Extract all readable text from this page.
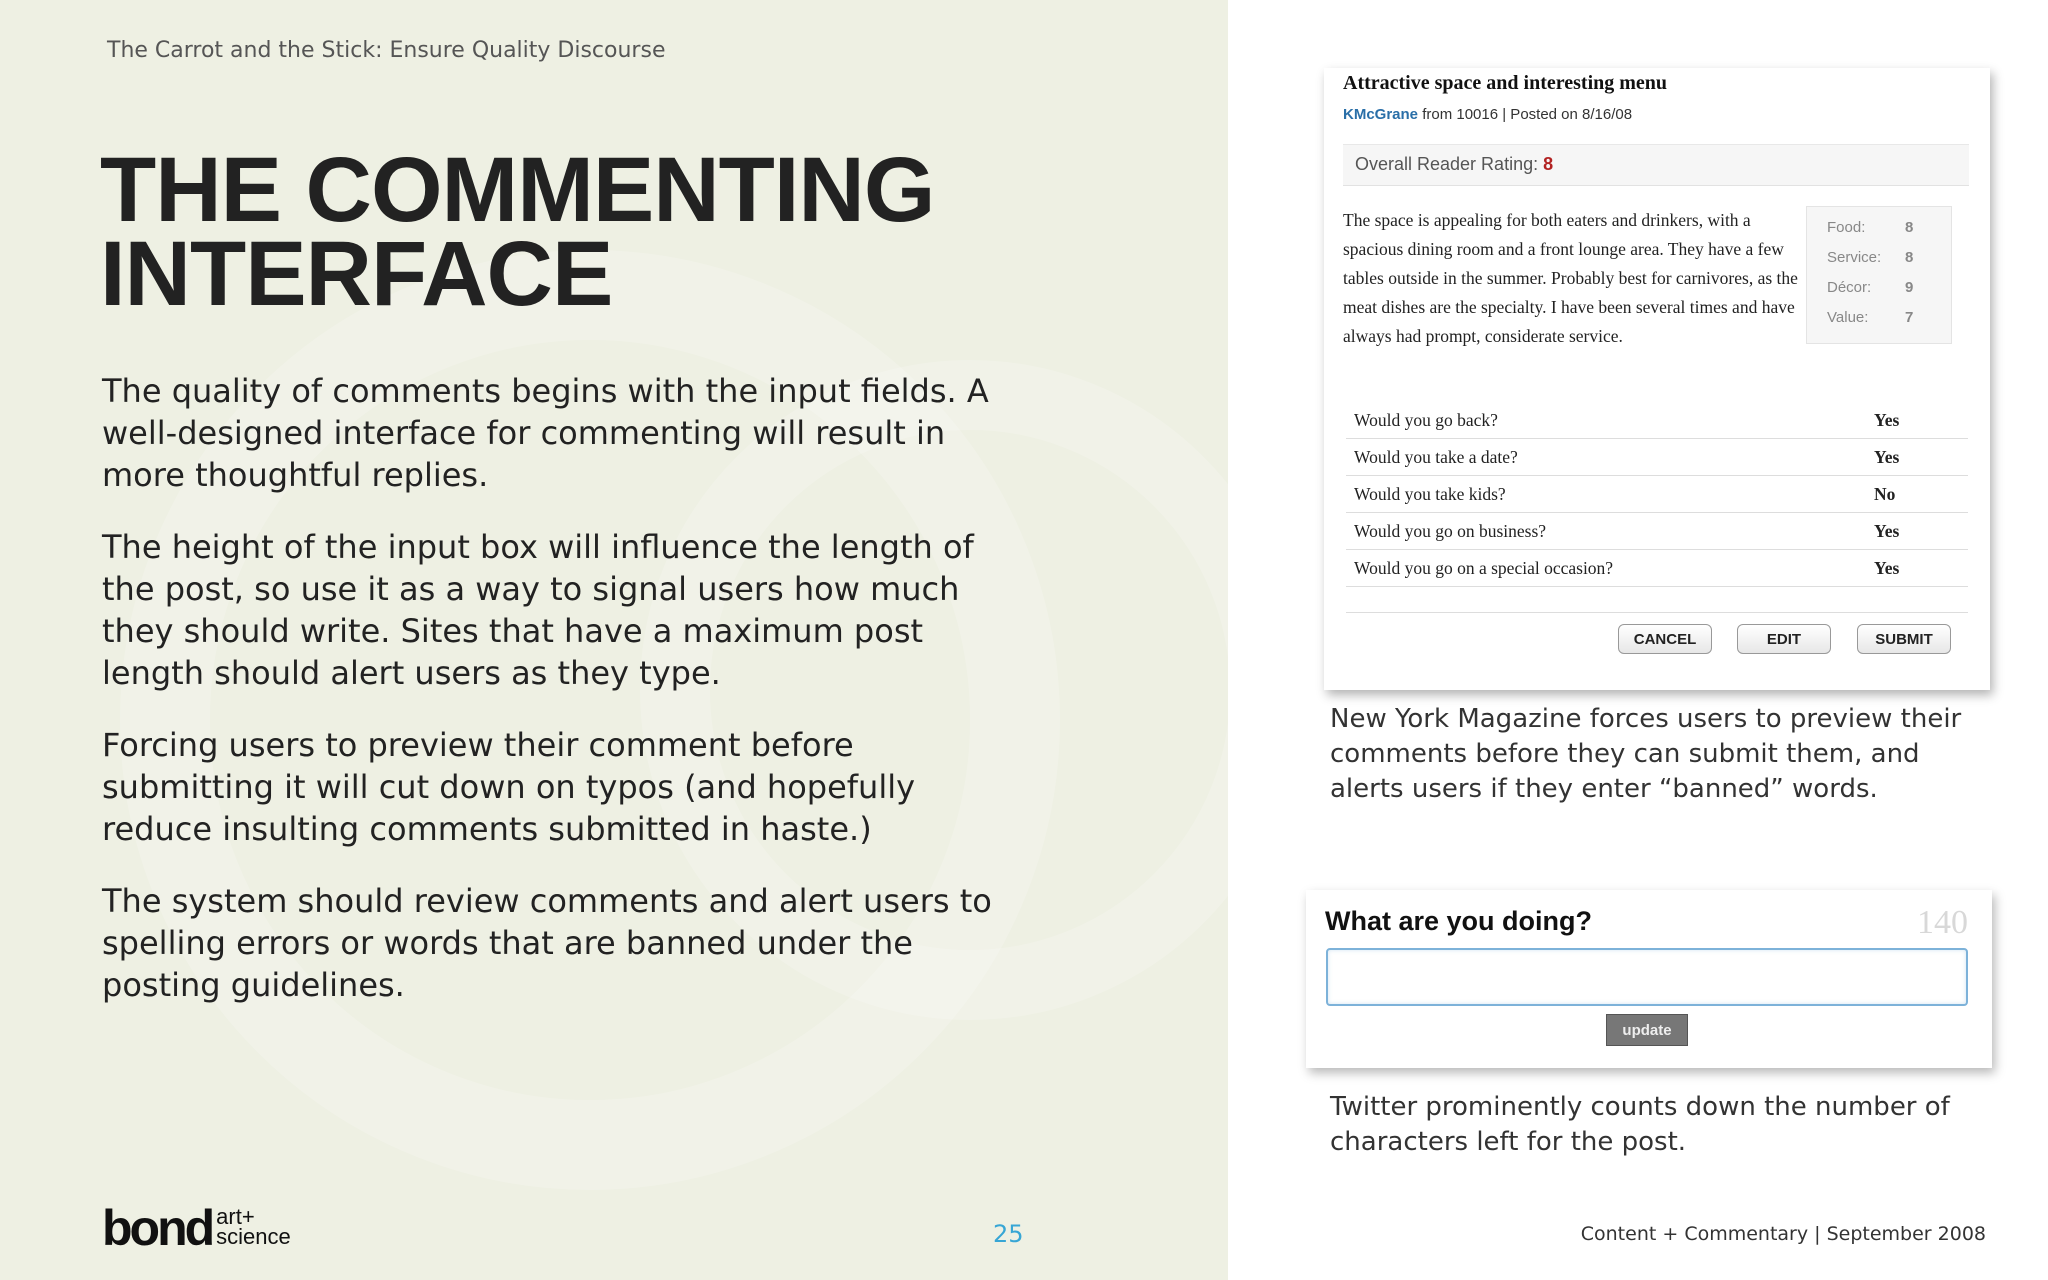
The Carrot and the Stick: Ensure Quality Discourse
THE COMMENTING
INTERFACE

The quality of comments begins with the input fields. A well-designed interface for commenting will result in more thoughtful replies.

The height of the input box will influence the length of the post, so use it as a way to signal users how much they should write. Sites that have a maximum post length should alert users as they type.

Forcing users to preview their comment before submitting it will cut down on typos (and hopefully reduce insulting comments submitted in haste.)

The system should review comments and alert users to spelling errors or words that are banned under the posting guidelines.

bond art+
science	25
Attractive space and interesting menu
KMcGrane from 10016 | Posted on 8/16/08
Overall Reader Rating: 8
The space is appealing for both eaters and drinkers, with a spacious dining room and a front lounge area. They have a few tables outside in the summer. Probably best for carnivores, as the meat dishes are the specialty. I have been several times and have always had prompt, considerate service.
Food:	8
Service: 8
Décor: 9
Value: 7
Would you go back?	Yes
Would you take a date?	Yes
Would you take kids?	No
Would you go on business?	Yes
Would you go on a special occasion?	Yes
CANCEL	EDIT	SUBMIT
New York Magazine forces users to preview their comments before they can submit them, and alerts users if they enter “banned” words.
What are you doing?	140
update
Twitter prominently counts down the number of characters left for the post.
Content + Commentary | September 2008
